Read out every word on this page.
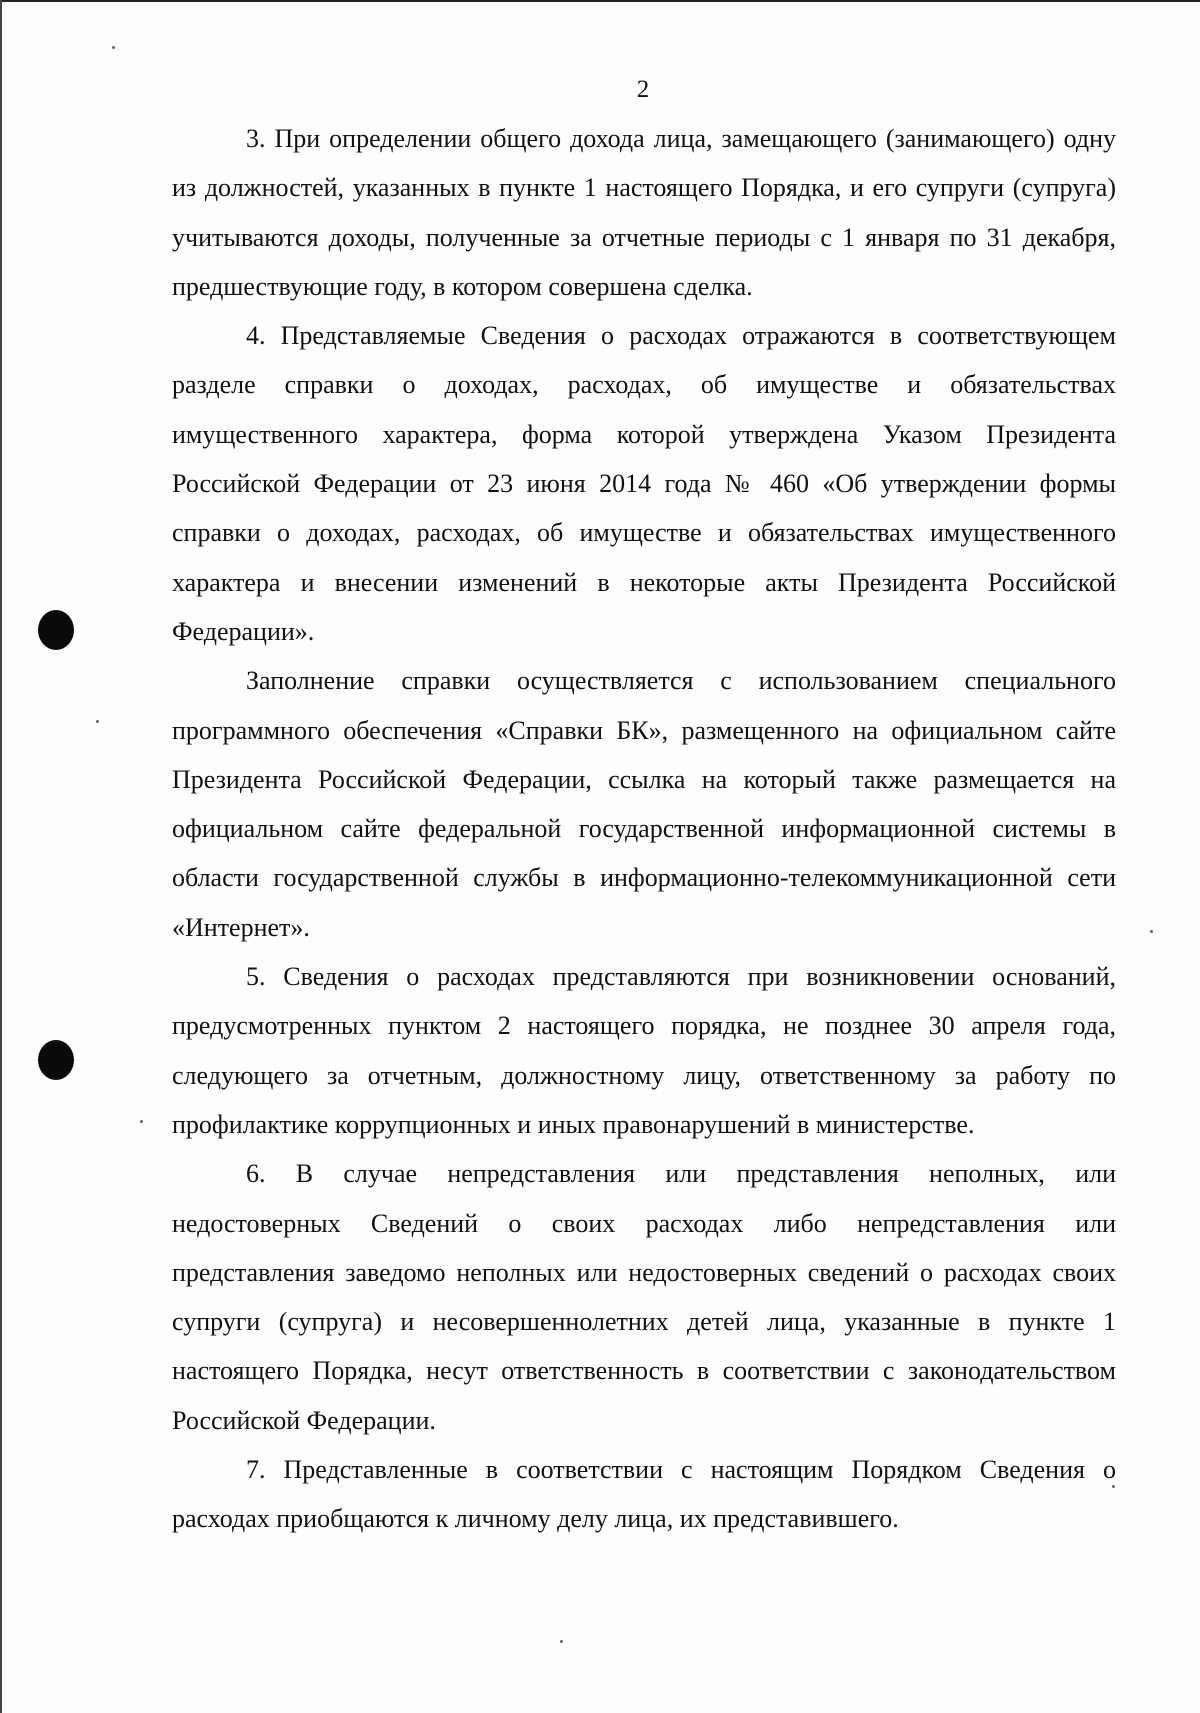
2

3. При определении общего дохода лица, замещающего (занимающего) одну из должностей, указанных в пункте 1 настоящего Порядка, и его супруги (супруга) учитываются доходы, полученные за отчетные периоды с 1 января по 31 декабря, предшествующие году, в котором совершена сделка.

4. Представляемые Сведения о расходах отражаются в соответствующем разделе справки о доходах, расходах, об имуществе и обязательствах имущественного характера, форма которой утверждена Указом Президента Российской Федерации от 23 июня 2014 года № 460 «Об утверждении формы справки о доходах, расходах, об имуществе и обязательствах имущественного характера и внесении изменений в некоторые акты Президента Российской Федерации».

Заполнение справки осуществляется с использованием специального программного обеспечения «Справки БК», размещенного на официальном сайте Президента Российской Федерации, ссылка на который также размещается на официальном сайте федеральной государственной информационной системы в области государственной службы в информационно-телекоммуникационной сети «Интернет».

5. Сведения о расходах представляются при возникновении оснований, предусмотренных пунктом 2 настоящего порядка, не позднее 30 апреля года, следующего за отчетным, должностному лицу, ответственному за работу по профилактике коррупционных и иных правонарушений в министерстве.

6. В случае непредставления или представления неполных, или недостоверных Сведений о своих расходах либо непредставления или представления заведомо неполных или недостоверных сведений о расходах своих супруги (супруга) и несовершеннолетних детей лица, указанные в пункте 1 настоящего Порядка, несут ответственность в соответствии с законодательством Российской Федерации.

7. Представленные в соответствии с настоящим Порядком Сведения о расходах приобщаются к личному делу лица, их представившего.
